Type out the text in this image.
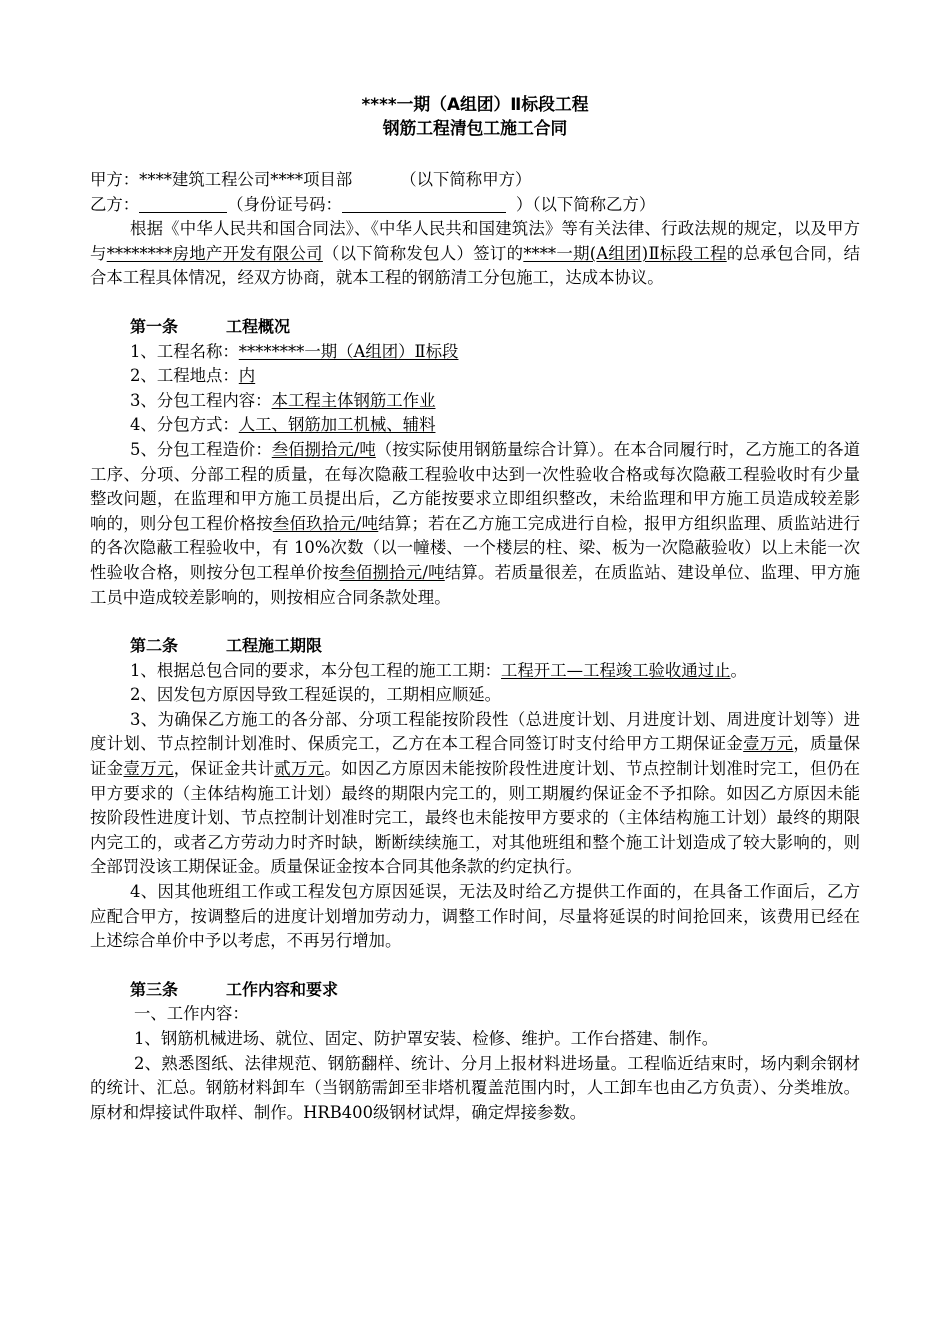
****一期（A组团）Ⅱ标段工程
钢筋工程清包工施工合同

甲方：****建筑工程公司****项目部	（以下简称甲方）

乙方：	（身份证号码：	）（以下简称乙方）

根据《中华人民共和国合同法》、《中华人民共和国建筑法》等有关法律、行政法规的规定，以及甲方与********房地产开发有限公司（以下简称发包人）签订的****一期(A组团)Ⅱ标段工程的总承包合同，结合本工程具体情况，经双方协商，就本工程的钢筋清工分包施工，达成本协议。

第一条	工程概况

1、工程名称：********一期（A组团）Ⅱ标段

2、工程地点：内

3、分包工程内容：本工程主体钢筋工作业

4、分包方式：人工、钢筋加工机械、辅料

5、分包工程造价：叁佰捌拾元/吨（按实际使用钢筋量综合计算）。在本合同履行时，乙方施工的各道工序、分项、分部工程的质量，在每次隐蔽工程验收中达到一次性验收合格或每次隐蔽工程验收时有少量整改问题，在监理和甲方施工员提出后，乙方能按要求立即组织整改，未给监理和甲方施工员造成较差影响的，则分包工程价格按叁佰玖拾元/吨结算；若在乙方施工完成进行自检，报甲方组织监理、质监站进行的各次隐蔽工程验收中，有 10%次数（以一幢楼、一个楼层的柱、梁、板为一次隐蔽验收）以上未能一次性验收合格，则按分包工程单价按叁佰捌拾元/吨结算。若质量很差，在质监站、建设单位、监理、甲方施工员中造成较差影响的，则按相应合同条款处理。

第二条	工程施工期限

1、根据总包合同的要求，本分包工程的施工工期：工程开工—工程竣工验收通过止。

2、因发包方原因导致工程延误的，工期相应顺延。

3、为确保乙方施工的各分部、分项工程能按阶段性（总进度计划、月进度计划、周进度计划等）进度计划、节点控制计划准时、保质完工，乙方在本工程合同签订时支付给甲方工期保证金壹万元，质量保证金壹万元，保证金共计贰万元。如因乙方原因未能按阶段性进度计划、节点控制计划准时完工，但仍在甲方要求的（主体结构施工计划）最终的期限内完工的，则工期履约保证金不予扣除。如因乙方原因未能按阶段性进度计划、节点控制计划准时完工，最终也未能按甲方要求的（主体结构施工计划）最终的期限内完工的，或者乙方劳动力时齐时缺，断断续续施工，对其他班组和整个施工计划造成了较大影响的，则全部罚没该工期保证金。质量保证金按本合同其他条款的约定执行。

4、因其他班组工作或工程发包方原因延误，无法及时给乙方提供工作面的，在具备工作面后，乙方应配合甲方，按调整后的进度计划增加劳动力，调整工作时间，尽量将延误的时间抢回来，该费用已经在上述综合单价中予以考虑，不再另行增加。

第三条	工作内容和要求

一、工作内容：

1、钢筋机械进场、就位、固定、防护罩安装、检修、维护。工作台搭建、制作。

2、熟悉图纸、法律规范、钢筋翻样、统计、分月上报材料进场量。工程临近结束时，场内剩余钢材的统计、汇总。钢筋材料卸车（当钢筋需卸至非塔机覆盖范围内时，人工卸车也由乙方负责）、分类堆放。原材和焊接试件取样、制作。HRB400级钢材试焊，确定焊接参数。
